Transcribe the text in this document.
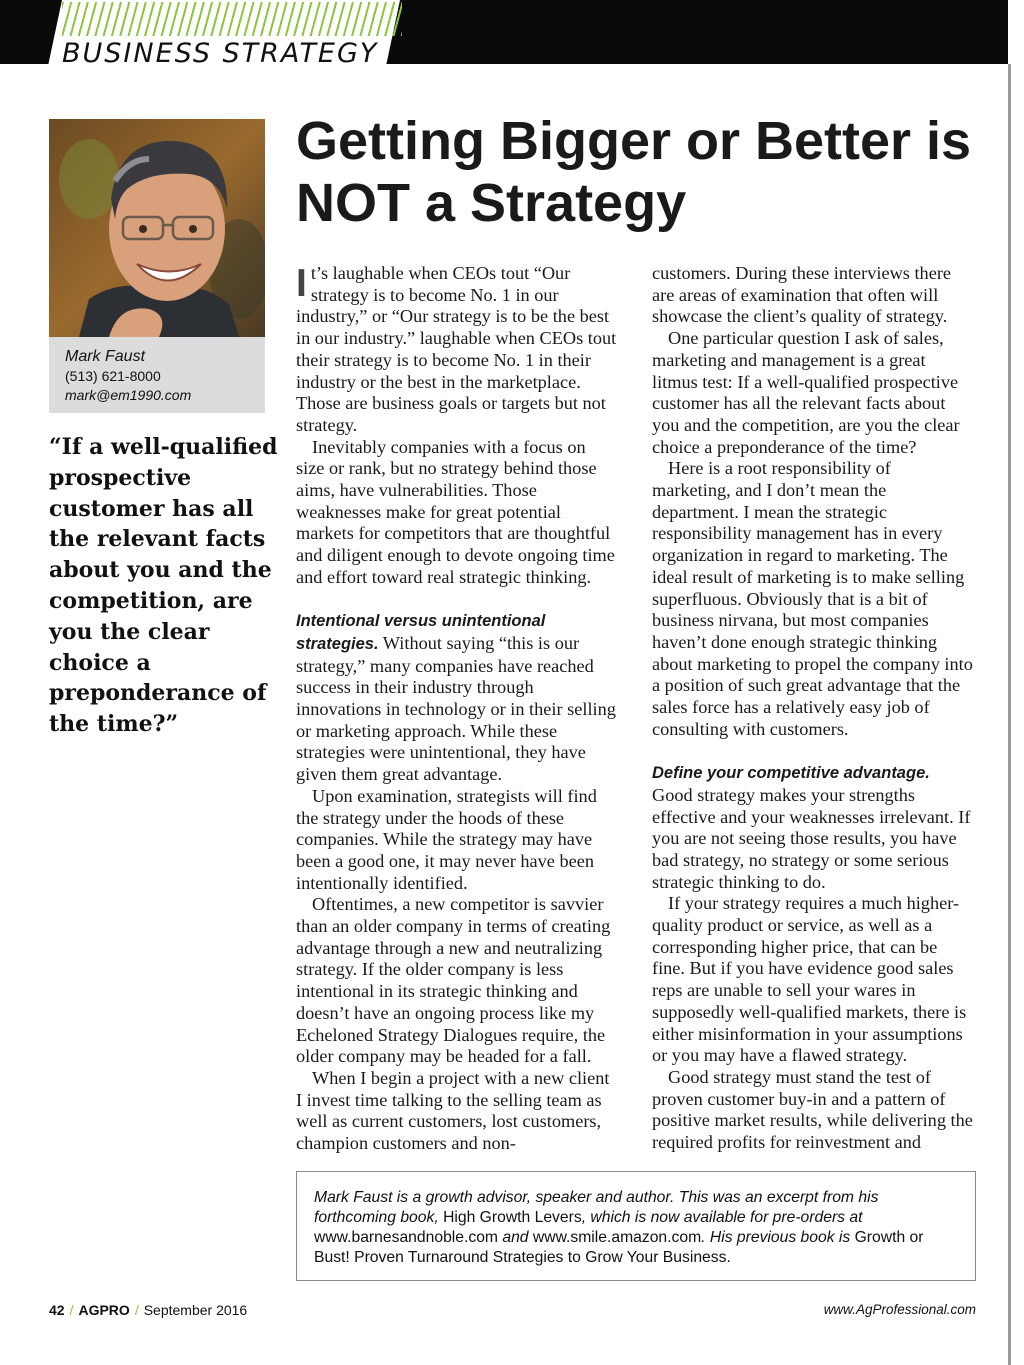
BUSINESS STRATEGY
Mark Faust
(513) 621-8000
mark@em1990.com
“If a well-qualified prospective customer has all the relevant facts about you and the competition, are you the clear choice a preponderance of the time?”
Getting Bigger or Better is NOT a Strategy

It’s laughable when CEOs tout “Our strategy is to become No. 1 in our industry,” or “Our strategy is to be the best in our industry.” laughable when CEOs tout their strategy is to become No. 1 in their industry or the best in the marketplace. Those are business goals or targets but not strategy.

Inevitably companies with a focus on size or rank, but no strategy behind those aims, have vulnerabilities. Those weaknesses make for great potential markets for competitors that are thoughtful and diligent enough to devote ongoing time and effort toward real strategic thinking.

Intentional versus unintentional strategies. Without saying “this is our strategy,” many companies have reached success in their industry through innovations in technology or in their selling or marketing approach. While these strategies were unintentional, they have given them great advantage.

Upon examination, strategists will find the strategy under the hoods of these companies. While the strategy may have been a good one, it may never have been intentionally identified.

Oftentimes, a new competitor is savvier than an older company in terms of creating advantage through a new and neutralizing strategy. If the older company is less intentional in its strategic thinking and doesn’t have an ongoing process like my Echeloned Strategy Dialogues require, the older company may be headed for a fall.

When I begin a project with a new client I invest time talking to the selling team as well as current customers, lost customers, champion customers and non-

customers. During these interviews there are areas of examination that often will showcase the client’s quality of strategy.

One particular question I ask of sales, marketing and management is a great litmus test: If a well-qualified prospective customer has all the relevant facts about you and the competition, are you the clear choice a preponderance of the time?

Here is a root responsibility of marketing, and I don’t mean the department. I mean the strategic responsibility management has in every organization in regard to marketing. The ideal result of marketing is to make selling superfluous. Obviously that is a bit of business nirvana, but most companies haven’t done enough strategic thinking about marketing to propel the company into a position of such great advantage that the sales force has a relatively easy job of consulting with customers.

Define your competitive advantage.

Good strategy makes your strengths effective and your weaknesses irrelevant. If you are not seeing those results, you have bad strategy, no strategy or some serious strategic thinking to do.

If your strategy requires a much higher-quality product or service, as well as a corresponding higher price, that can be fine. But if you have evidence good sales reps are unable to sell your wares in supposedly well-qualified markets, there is either misinformation in your assumptions or you may have a flawed strategy.

Good strategy must stand the test of proven customer buy-in and a pattern of positive market results, while delivering the required profits for reinvestment and

Mark Faust is a growth advisor, speaker and author. This was an excerpt from his forthcoming book, High Growth Levers, which is now available for pre-orders at www.barnesandnoble.com and www.smile.amazon.com. His previous book is Growth or Bust! Proven Turnaround Strategies to Grow Your Business.
42 / AGPRO / September 2016	www.AgProfessional.com
